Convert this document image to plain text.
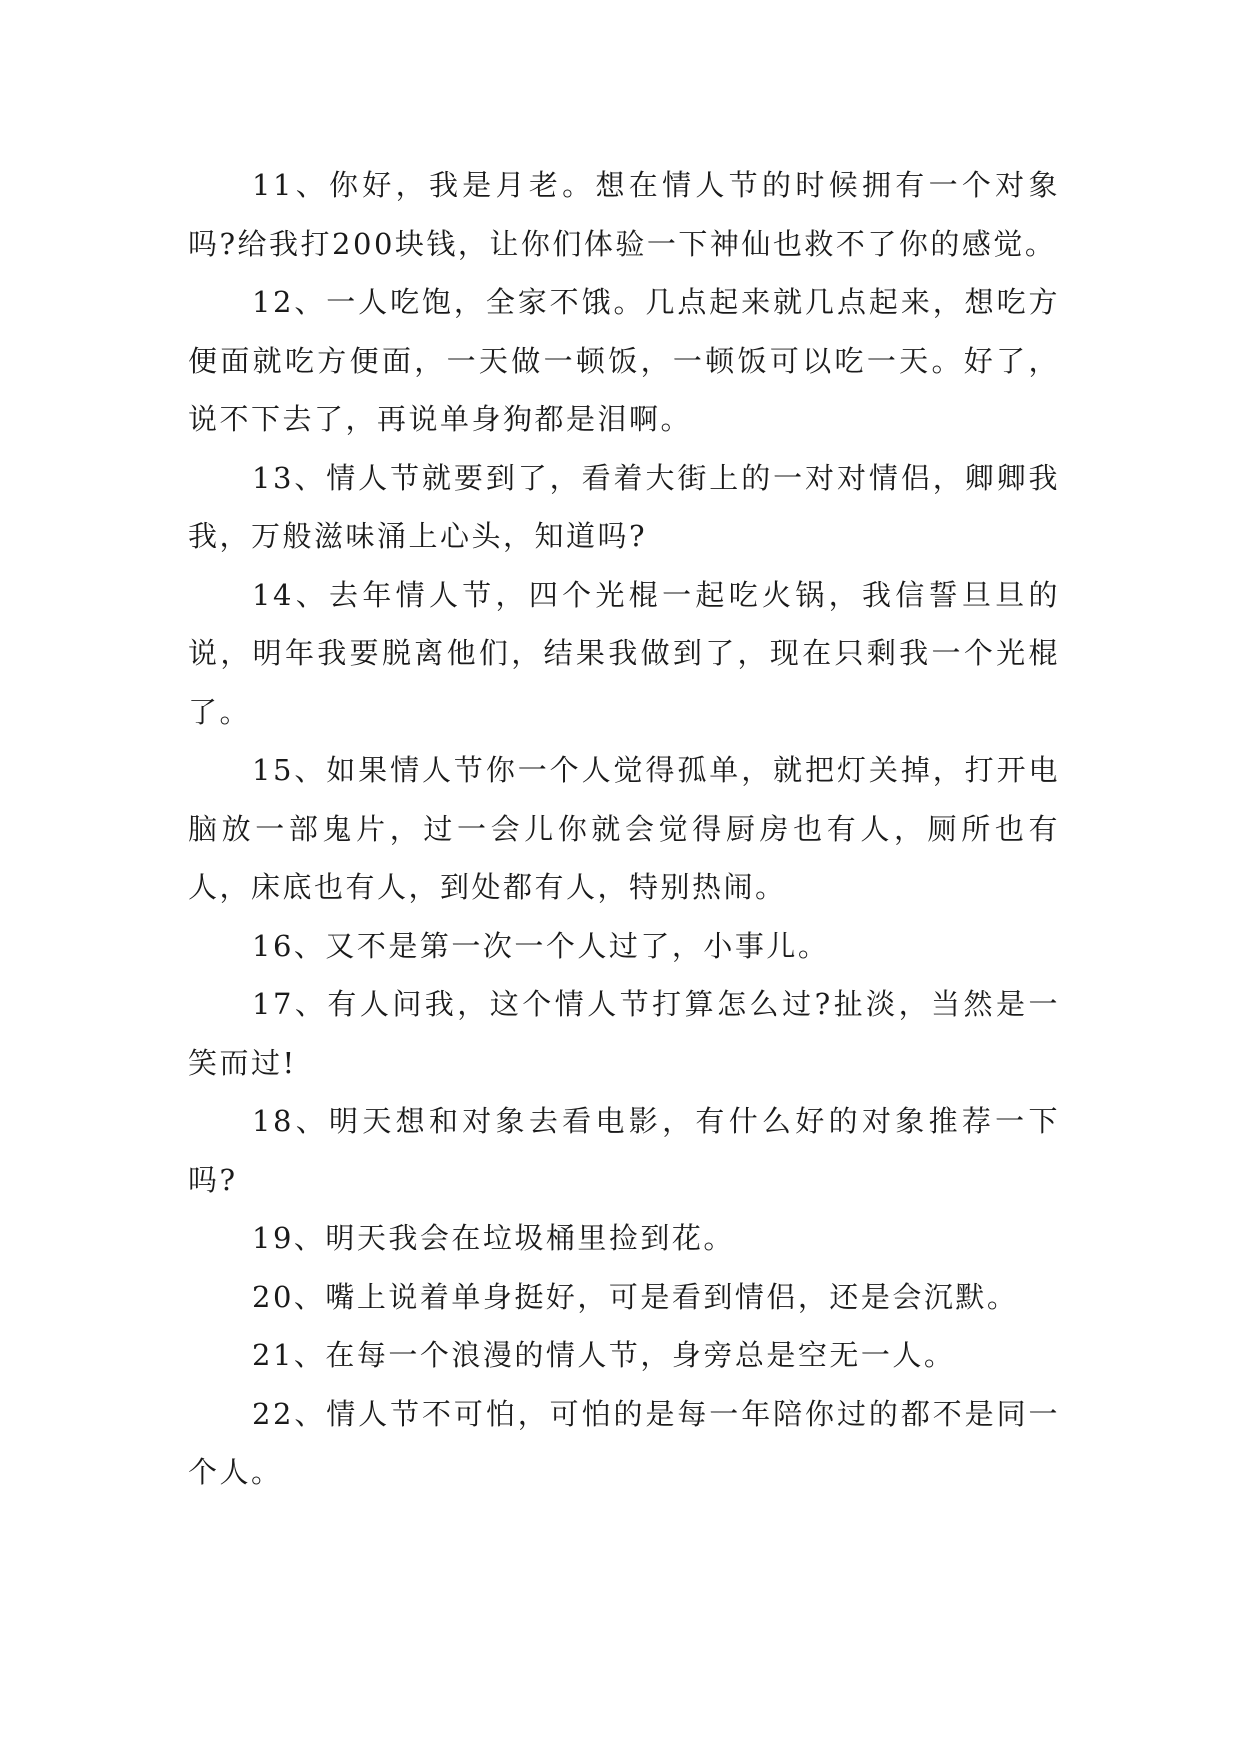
11、你好，我是月老。想在情人节的时候拥有一个对象吗?给我打200块钱，让你们体验一下神仙也救不了你的感觉。

12、一人吃饱，全家不饿。几点起来就几点起来，想吃方便面就吃方便面，一天做一顿饭，一顿饭可以吃一天。好了，说不下去了，再说单身狗都是泪啊。

13、情人节就要到了，看着大街上的一对对情侣，卿卿我我，万般滋味涌上心头，知道吗?

14、去年情人节，四个光棍一起吃火锅，我信誓旦旦的说，明年我要脱离他们，结果我做到了，现在只剩我一个光棍了。

15、如果情人节你一个人觉得孤单，就把灯关掉，打开电脑放一部鬼片，过一会儿你就会觉得厨房也有人，厕所也有人，床底也有人，到处都有人，特别热闹。

16、又不是第一次一个人过了，小事儿。

17、有人问我，这个情人节打算怎么过?扯淡，当然是一笑而过!

18、明天想和对象去看电影，有什么好的对象推荐一下吗?

19、明天我会在垃圾桶里捡到花。

20、嘴上说着单身挺好，可是看到情侣，还是会沉默。

21、在每一个浪漫的情人节，身旁总是空无一人。

22、情人节不可怕，可怕的是每一年陪你过的都不是同一个人。
